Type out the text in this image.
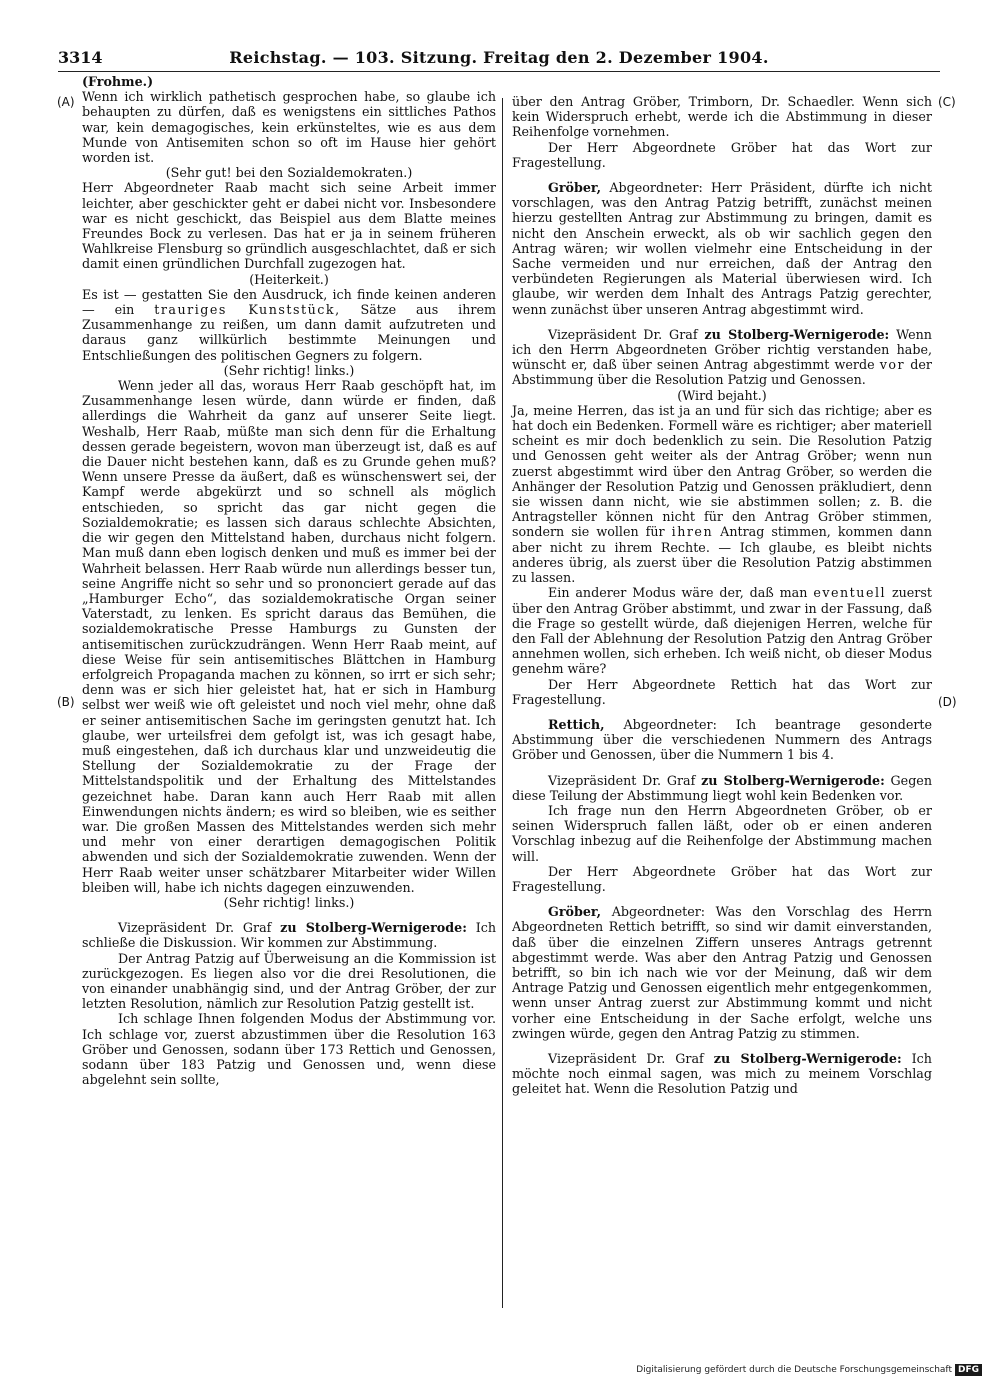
3314	Reichstag. — 103. Sitzung. Freitag den 2. Dezember 1904.
(A)
(B)
(C)
(D)

(Frohme.)

Wenn ich wirklich pathetisch gesprochen habe, so glaube ich behaupten zu dürfen, daß es wenigstens ein sittliches Pathos war, kein demagogisches, kein erkünsteltes, wie es aus dem Munde von Antisemiten schon so oft im Hause hier gehört worden ist.

(Sehr gut! bei den Sozialdemokraten.)

Herr Abgeordneter Raab macht sich seine Arbeit immer leichter, aber geschickter geht er dabei nicht vor. Insbesondere war es nicht geschickt, das Beispiel aus dem Blatte meines Freundes Bock zu verlesen. Das hat er ja in seinem früheren Wahlkreise Flensburg so gründlich ausgeschlachtet, daß er sich damit einen gründlichen Durchfall zugezogen hat.

(Heiterkeit.)

Es ist — gestatten Sie den Ausdruck, ich finde keinen anderen — ein trauriges Kunststück, Sätze aus ihrem Zusammenhange zu reißen, um dann damit aufzutreten und daraus ganz willkürlich bestimmte Meinungen und Entschließungen des politischen Gegners zu folgern.

(Sehr richtig! links.)

Wenn jeder all das, woraus Herr Raab geschöpft hat, im Zusammenhange lesen würde, dann würde er finden, daß allerdings die Wahrheit da ganz auf unserer Seite liegt. Weshalb, Herr Raab, müßte man sich denn für die Erhaltung dessen gerade begeistern, wovon man überzeugt ist, daß es auf die Dauer nicht bestehen kann, daß es zu Grunde gehen muß? Wenn unsere Presse da äußert, daß es wünschenswert sei, der Kampf werde abgekürzt und so schnell als möglich entschieden, so spricht das gar nicht gegen die Sozialdemokratie; es lassen sich daraus schlechte Absichten, die wir gegen den Mittelstand haben, durchaus nicht folgern. Man muß dann eben logisch denken und muß es immer bei der Wahrheit belassen. Herr Raab würde nun allerdings besser tun, seine Angriffe nicht so sehr und so prononciert gerade auf das „Hamburger Echo“, das sozialdemokratische Organ seiner Vaterstadt, zu lenken. Es spricht daraus das Bemühen, die sozialdemokratische Presse Hamburgs zu Gunsten der antisemitischen zurückzudrängen. Wenn Herr Raab meint, auf diese Weise für sein antisemitisches Blättchen in Hamburg erfolgreich Propaganda machen zu können, so irrt er sich sehr; denn was er sich hier geleistet hat, hat er sich in Hamburg selbst wer weiß wie oft geleistet und noch viel mehr, ohne daß er seiner antisemitischen Sache im geringsten genutzt hat. Ich glaube, wer urteilsfrei dem gefolgt ist, was ich gesagt habe, muß eingestehen, daß ich durchaus klar und unzweideutig die Stellung der Sozialdemokratie zu der Frage der Mittelstandspolitik und der Erhaltung des Mittelstandes gezeichnet habe. Daran kann auch Herr Raab mit allen Einwendungen nichts ändern; es wird so bleiben, wie es seither war. Die großen Massen des Mittelstandes werden sich mehr und mehr von einer derartigen demagogischen Politik abwenden und sich der Sozialdemokratie zuwenden. Wenn der Herr Raab weiter unser schätzbarer Mitarbeiter wider Willen bleiben will, habe ich nichts dagegen einzuwenden.

(Sehr richtig! links.)

Vizepräsident Dr. Graf zu Stolberg-Wernigerode: Ich schließe die Diskussion. Wir kommen zur Abstimmung.

Der Antrag Patzig auf Überweisung an die Kommission ist zurückgezogen. Es liegen also vor die drei Resolutionen, die von einander unabhängig sind, und der Antrag Gröber, der zur letzten Resolution, nämlich zur Resolution Patzig gestellt ist.

Ich schlage Ihnen folgenden Modus der Abstimmung vor. Ich schlage vor, zuerst abzustimmen über die Resolution 163 Gröber und Genossen, sodann über 173 Rettich und Genossen, sodann über 183 Patzig und Genossen und, wenn diese abgelehnt sein sollte,

über den Antrag Gröber, Trimborn, Dr. Schaedler. Wenn sich kein Widerspruch erhebt, werde ich die Abstimmung in dieser Reihenfolge vornehmen.

Der Herr Abgeordnete Gröber hat das Wort zur Fragestellung.

Gröber, Abgeordneter: Herr Präsident, dürfte ich nicht vorschlagen, was den Antrag Patzig betrifft, zunächst meinen hierzu gestellten Antrag zur Abstimmung zu bringen, damit es nicht den Anschein erweckt, als ob wir sachlich gegen den Antrag wären; wir wollen vielmehr eine Entscheidung in der Sache vermeiden und nur erreichen, daß der Antrag den verbündeten Regierungen als Material überwiesen wird. Ich glaube, wir werden dem Inhalt des Antrags Patzig gerechter, wenn zunächst über unseren Antrag abgestimmt wird.

Vizepräsident Dr. Graf zu Stolberg-Wernigerode: Wenn ich den Herrn Abgeordneten Gröber richtig verstanden habe, wünscht er, daß über seinen Antrag abgestimmt werde vor der Abstimmung über die Resolution Patzig und Genossen.

(Wird bejaht.)

Ja, meine Herren, das ist ja an und für sich das richtige; aber es hat doch ein Bedenken. Formell wäre es richtiger; aber materiell scheint es mir doch bedenklich zu sein. Die Resolution Patzig und Genossen geht weiter als der Antrag Gröber; wenn nun zuerst abgestimmt wird über den Antrag Gröber, so werden die Anhänger der Resolution Patzig und Genossen präkludiert, denn sie wissen dann nicht, wie sie abstimmen sollen; z. B. die Antragsteller können nicht für den Antrag Gröber stimmen, sondern sie wollen für ihren Antrag stimmen, kommen dann aber nicht zu ihrem Rechte. — Ich glaube, es bleibt nichts anderes übrig, als zuerst über die Resolution Patzig abstimmen zu lassen.

Ein anderer Modus wäre der, daß man eventuell zuerst über den Antrag Gröber abstimmt, und zwar in der Fassung, daß die Frage so gestellt würde, daß diejenigen Herren, welche für den Fall der Ablehnung der Resolution Patzig den Antrag Gröber annehmen wollen, sich erheben. Ich weiß nicht, ob dieser Modus genehm wäre?

Der Herr Abgeordnete Rettich hat das Wort zur Fragestellung.

Rettich, Abgeordneter: Ich beantrage gesonderte Abstimmung über die verschiedenen Nummern des Antrags Gröber und Genossen, über die Nummern 1 bis 4.

Vizepräsident Dr. Graf zu Stolberg-Wernigerode: Gegen diese Teilung der Abstimmung liegt wohl kein Bedenken vor.

Ich frage nun den Herrn Abgeordneten Gröber, ob er seinen Widerspruch fallen läßt, oder ob er einen anderen Vorschlag inbezug auf die Reihenfolge der Abstimmung machen will.

Der Herr Abgeordnete Gröber hat das Wort zur Fragestellung.

Gröber, Abgeordneter: Was den Vorschlag des Herrn Abgeordneten Rettich betrifft, so sind wir damit einverstanden, daß über die einzelnen Ziffern unseres Antrags getrennt abgestimmt werde. Was aber den Antrag Patzig und Genossen betrifft, so bin ich nach wie vor der Meinung, daß wir dem Antrage Patzig und Genossen eigentlich mehr entgegenkommen, wenn unser Antrag zuerst zur Abstimmung kommt und nicht vorher eine Entscheidung in der Sache erfolgt, welche uns zwingen würde, gegen den Antrag Patzig zu stimmen.

Vizepräsident Dr. Graf zu Stolberg-Wernigerode: Ich möchte noch einmal sagen, was mich zu meinem Vorschlag geleitet hat. Wenn die Resolution Patzig und

Digitalisierung gefördert durch die Deutsche Forschungsgemeinschaft DFG
